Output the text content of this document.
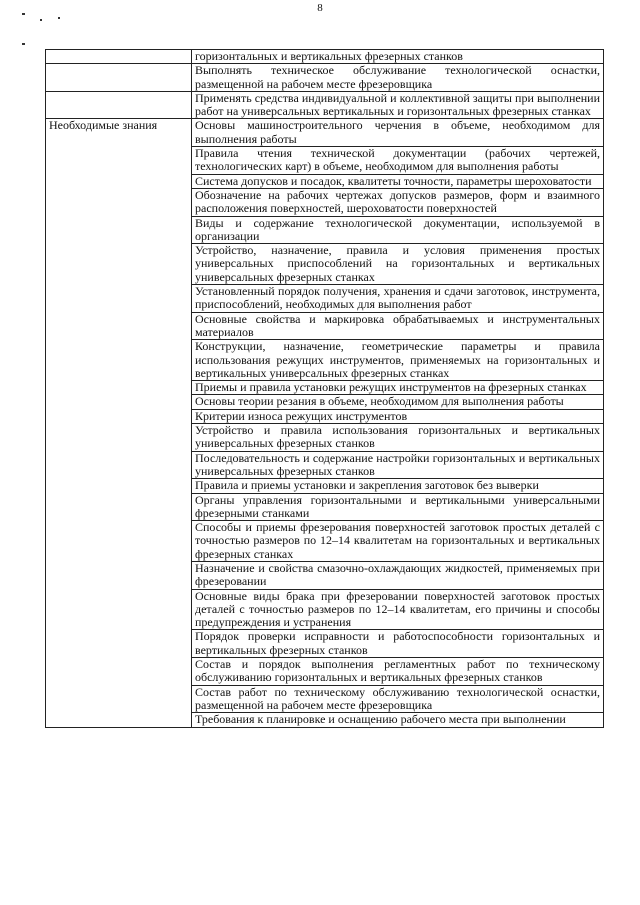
8

	горизонтальных и вертикальных фрезерных станков

	Выполнять техническое обслуживание технологической оснастки, размещенной на рабочем месте фрезеровщика

	Применять средства индивидуальной и коллективной защиты при выполнении работ на универсальных вертикальных и горизонтальных фрезерных станках

Необходимые знания	Основы машиностроительного черчения в объеме, необходимом для выполнения работы

	Правила чтения технической документации (рабочих чертежей, технологических карт) в объеме, необходимом для выполнения работы

	Система допусков и посадок, квалитеты точности, параметры шероховатости

	Обозначение на рабочих чертежах допусков размеров, форм и взаимного расположения поверхностей, шероховатости поверхностей

	Виды и содержание технологической документации, используемой в организации

	Устройство, назначение, правила и условия применения простых универсальных приспособлений на горизонтальных и вертикальных универсальных фрезерных станках

	Установленный порядок получения, хранения и сдачи заготовок, инструмента, приспособлений, необходимых для выполнения работ

	Основные свойства и маркировка обрабатываемых и инструментальных материалов

	Конструкции, назначение, геометрические параметры и правила использования режущих инструментов, применяемых на горизонтальных и вертикальных универсальных фрезерных станках

	Приемы и правила установки режущих инструментов на фрезерных станках

	Основы теории резания в объеме, необходимом для выполнения работы

	Критерии износа режущих инструментов

	Устройство и правила использования горизонтальных и вертикальных универсальных фрезерных станков

	Последовательность и содержание настройки горизонтальных и вертикальных универсальных фрезерных станков

	Правила и приемы установки и закрепления заготовок без выверки

	Органы управления горизонтальными и вертикальными универсальными фрезерными станками

	Способы и приемы фрезерования поверхностей заготовок простых деталей с точностью размеров по 12–14 квалитетам на горизонтальных и вертикальных фрезерных станках

	Назначение и свойства смазочно-охлаждающих жидкостей, применяемых при фрезеровании

	Основные виды брака при фрезеровании поверхностей заготовок простых деталей с точностью размеров по 12–14 квалитетам, его причины и способы предупреждения и устранения

	Порядок проверки исправности и работоспособности горизонтальных и вертикальных фрезерных станков

	Состав и порядок выполнения регламентных работ по техническому обслуживанию горизонтальных и вертикальных фрезерных станков

	Состав работ по техническому обслуживанию технологической оснастки, размещенной на рабочем месте фрезеровщика

	Требования к планировке и оснащению рабочего места при выполнении
